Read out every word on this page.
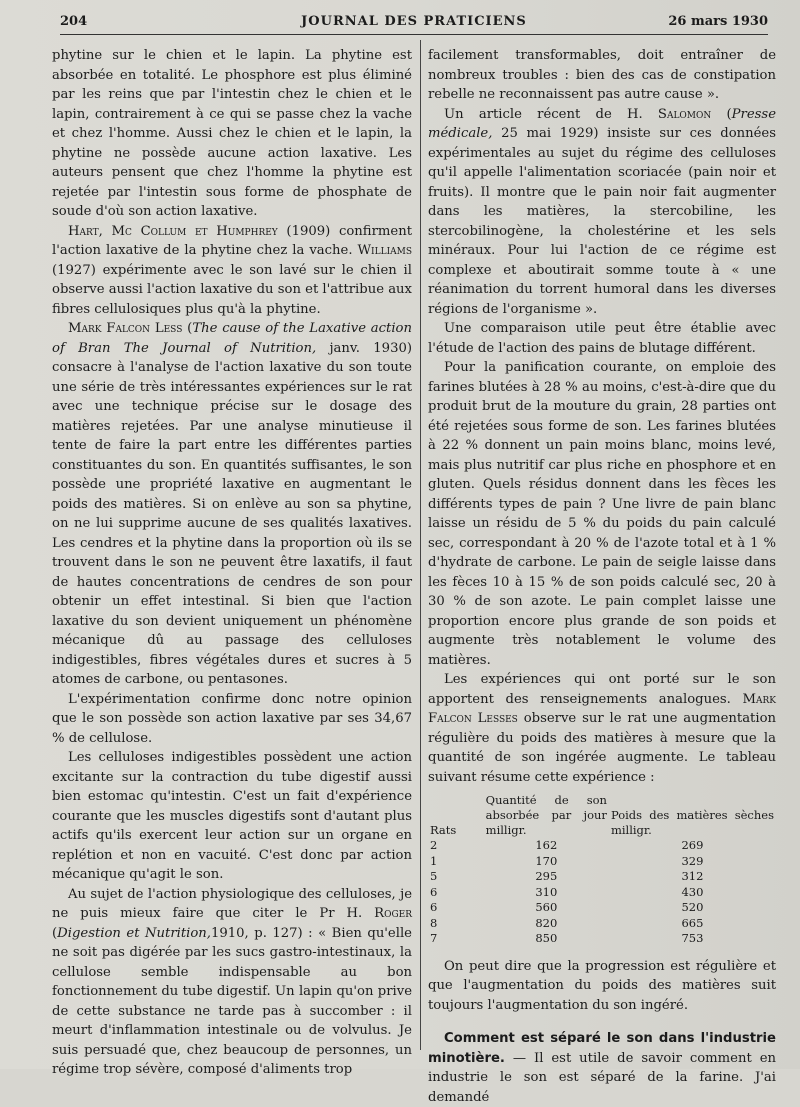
204	JOURNAL DES PRATICIENS	26 mars 1930

phytine sur le chien et le lapin. La phytine est absorbée en totalité. Le phosphore est plus éliminé par les reins que par l'intestin chez le chien et le lapin, contrairement à ce qui se passe chez la vache et chez l'homme. Aussi chez le chien et le lapin, la phytine ne possède aucune action laxative. Les auteurs pensent que chez l'homme la phytine est rejetée par l'intestin sous forme de phosphate de soude d'où son action laxative.

Hart, Mc Collum et Humphrey (1909) confirment l'action laxative de la phytine chez la vache. Williams (1927) expérimente avec le son lavé sur le chien il observe aussi l'action laxative du son et l'attribue aux fibres cellulosiques plus qu'à la phytine.

Mark Falcon Less (The cause of the Laxative action of Bran The Journal of Nutrition, janv. 1930) consacre à l'analyse de l'action laxative du son toute une série de très intéressantes expériences sur le rat avec une technique précise sur le dosage des matières rejetées. Par une analyse minutieuse il tente de faire la part entre les différentes parties constituantes du son. En quantités suffisantes, le son possède une propriété laxative en augmentant le poids des matières. Si on enlève au son sa phytine, on ne lui supprime aucune de ses qualités laxatives. Les cendres et la phytine dans la proportion où ils se trouvent dans le son ne peuvent être laxatifs, il faut de hautes concentrations de cendres de son pour obtenir un effet intestinal. Si bien que l'action laxative du son devient uniquement un phénomène mécanique dû au passage des celluloses indigestibles, fibres végétales dures et sucres à 5 atomes de carbone, ou pentasones.

L'expérimentation confirme donc notre opinion que le son possède son action laxative par ses 34,67 % de cellulose.

Les celluloses indigestibles possèdent une action excitante sur la contraction du tube digestif aussi bien estomac qu'intestin. C'est un fait d'expérience courante que les muscles digestifs sont d'autant plus actifs qu'ils exercent leur action sur un organe en replétion et non en vacuité. C'est donc par action mécanique qu'agit le son.

Au sujet de l'action physiologique des celluloses, je ne puis mieux faire que citer le Pr H. Roger (Digestion et Nutrition,1910, p. 127) : « Bien qu'elle ne soit pas digérée par les sucs gastro-intestinaux, la cellulose semble indispensable au bon fonctionnement du tube digestif. Un lapin qu'on prive de cette substance ne tarde pas à succomber : il meurt d'inflammation intestinale ou de volvulus. Je suis persuadé que, chez beaucoup de personnes, un régime trop sévère, composé d'aliments trop

facilement transformables, doit entraîner de nombreux troubles : bien des cas de constipation rebelle ne reconnaissent pas autre cause ».

Un article récent de H. Salomon (Presse médicale, 25 mai 1929) insiste sur ces données expérimentales au sujet du régime des celluloses qu'il appelle l'alimentation scoriacée (pain noir et fruits). Il montre que le pain noir fait augmenter dans les matières, la stercobiline, les stercobilinogène, la cholestérine et les sels minéraux. Pour lui l'action de ce régime est complexe et aboutirait somme toute à « une réanimation du torrent humoral dans les diverses régions de l'organisme ».

Une comparaison utile peut être établie avec l'étude de l'action des pains de blutage différent.

Pour la panification courante, on emploie des farines blutées à 28 % au moins, c'est-à-dire que du produit brut de la mouture du grain, 28 parties ont été rejetées sous forme de son. Les farines blutées à 22 % donnent un pain moins blanc, moins levé, mais plus nutritif car plus riche en phosphore et en gluten. Quels résidus donnent dans les fèces les différents types de pain ? Une livre de pain blanc laisse un résidu de 5 % du poids du pain calculé sec, correspondant à 20 % de l'azote total et à 1 % d'hydrate de carbone. Le pain de seigle laisse dans les fèces 10 à 15 % de son poids calculé sec, 20 à 30 % de son azote. Le pain complet laisse une proportion encore plus grande de son poids et augmente très notablement le volume des matières.

Les expériences qui ont porté sur le son apportent des renseignements analogues. Mark Falcon Lesses observe sur le rat une augmentation régulière du poids des matières à mesure que la quantité de son ingérée augmente. Le tableau suivant résume cette expérience :

Rats	Quantité de son absorbée par jour milligr.	Poids des matières sèches milligr.
2	162	269
1	170	329
5	295	312
6	310	430
6	560	520
8	820	665
7	850	753

On peut dire que la progression est régulière et que l'augmentation du poids des matières suit toujours l'augmentation du son ingéré.

Comment est séparé le son dans l'industrie minotière. — Il est utile de savoir comment en industrie le son est séparé de la farine. J'ai demandé
